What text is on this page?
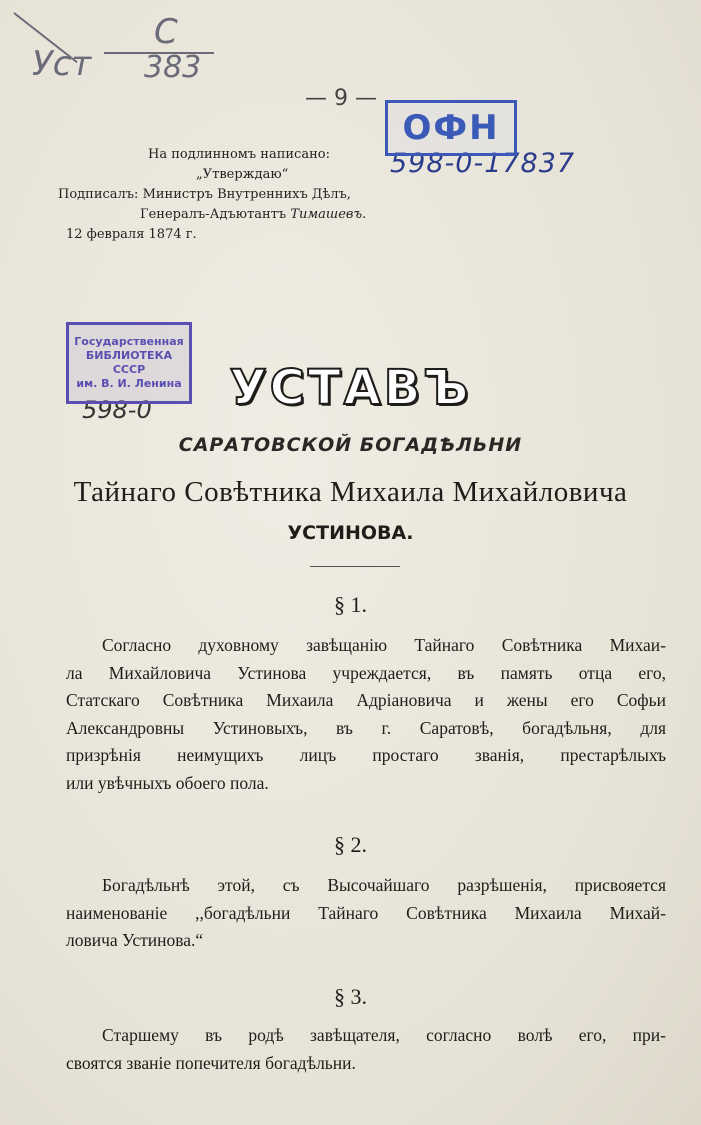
С
Уст 383
— 9 —
598-0-17837
598-0
ОФН
Государственная
БИБЛИОТЕКА
СССР
им. В. И. Ленина
На подлинномъ написано:
„Утверждаю“
Подписалъ: Министръ Внутреннихъ Дѣлъ,
Генералъ-Адъютантъ Тимашевъ.
12 февраля 1874 г.
УСТАВЪ
САРАТОВСКОЙ БОГАДѢЛЬНИ
Тайнаго Совѣтника Михаила Михайловича
УСТИНОВА.
§ 1.
Согласно духовному завѣщанію Тайнаго Совѣтника Михаи-
ла Михайловича Устинова учреждается, въ память отца его,
Статскаго Совѣтника Михаила Адріановича и жены его Софьи
Александровны Устиновыхъ, въ г. Саратовѣ, богадѣльня, для
призрѣнія неимущихъ лицъ простаго званія, престарѣлыхъ
или увѣчныхъ обоего пола.
§ 2.
Богадѣльнѣ этой, съ Высочайшаго разрѣшенія, присвояется
наименованіе ,,богадѣльни Тайнаго Совѣтника Михаила Михай-
ловича Устинова.“
§ 3.
Старшему въ родѣ завѣщателя, согласно волѣ его, при-
своятся званіе попечителя богадѣльни.
